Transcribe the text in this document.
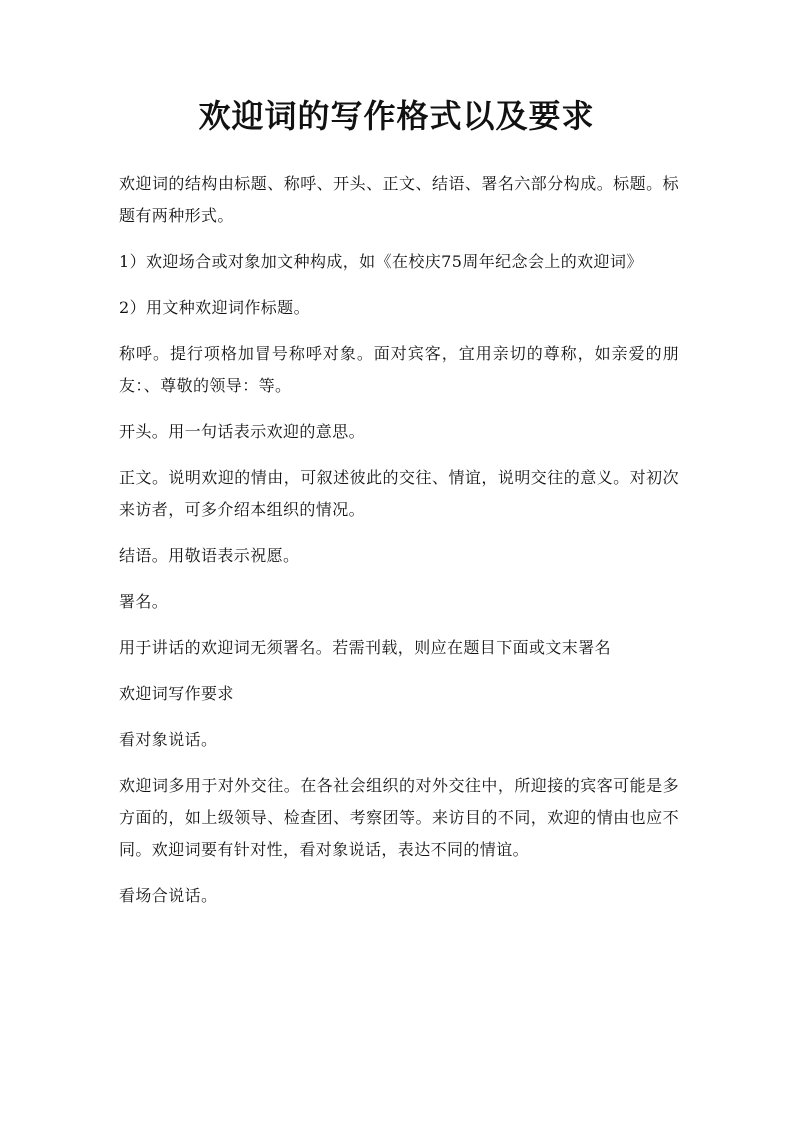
欢迎词的写作格式以及要求

欢迎词的结构由标题、称呼、开头、正文、结语、署名六部分构成。标题。标题有两种形式。

1）欢迎场合或对象加文种构成，如《在校庆75周年纪念会上的欢迎词》

2）用文种欢迎词作标题。

称呼。提行项格加冒号称呼对象。面对宾客，宜用亲切的尊称，如亲爱的朋友：、尊敬的领导：等。

开头。用一句话表示欢迎的意思。

正文。说明欢迎的情由，可叙述彼此的交往、情谊，说明交往的意义。对初次来访者，可多介绍本组织的情况。

结语。用敬语表示祝愿。

署名。

用于讲话的欢迎词无须署名。若需刊载，则应在题目下面或文末署名

欢迎词写作要求

看对象说话。

欢迎词多用于对外交往。在各社会组织的对外交往中，所迎接的宾客可能是多方面的，如上级领导、检查团、考察团等。来访目的不同，欢迎的情由也应不同。欢迎词要有针对性，看对象说话，表达不同的情谊。

看场合说话。
